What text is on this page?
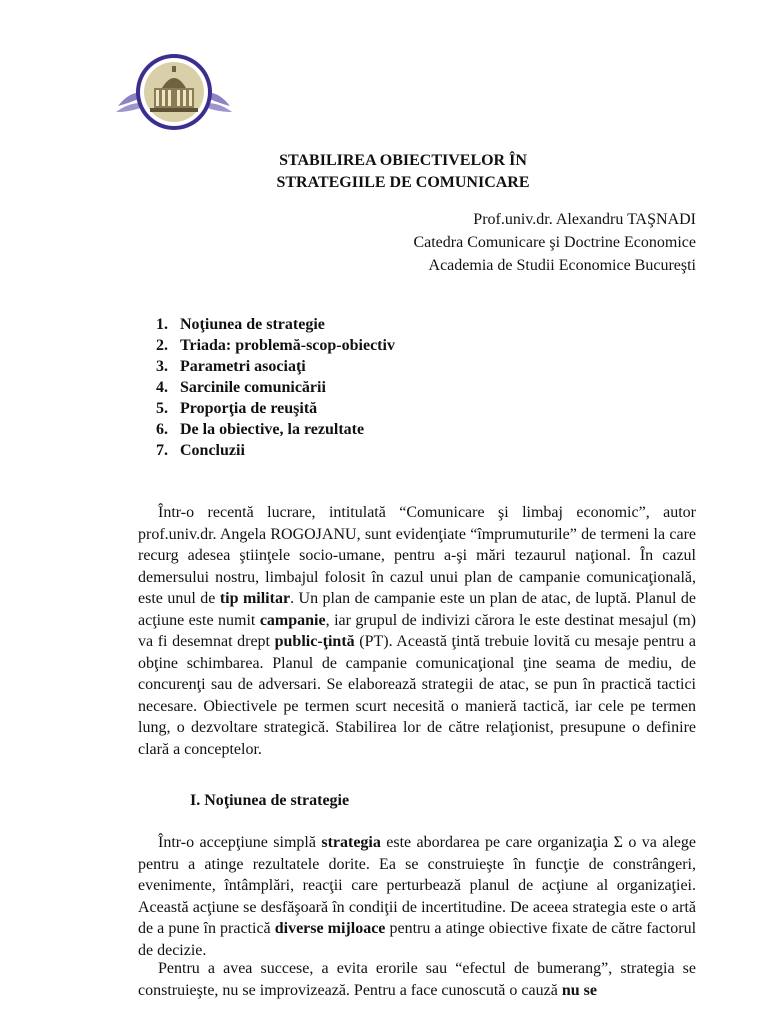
STABILIREA OBIECTIVELOR ÎN
STRATEGIILE DE COMUNICARE
Prof.univ.dr. Alexandru TAŞNADI
Catedra Comunicare şi Doctrine Economice
Academia de Studii Economice Bucureşti
1. Noţiunea de strategie
2. Triada: problemă-scop-obiectiv
3. Parametri asociaţi
4. Sarcinile comunicării
5. Proporţia de reuşită
6. De la obiective, la rezultate
7. Concluzii

Într-o recentă lucrare, intitulată “Comunicare şi limbaj economic”, autor prof.univ.dr. Angela ROGOJANU, sunt evidenţiate “împrumuturile” de termeni la care recurg adesea ştiinţele socio-umane, pentru a-şi mări tezaurul naţional. În cazul demersului nostru, limbajul folosit în cazul unui plan de campanie comunicaţională, este unul de tip militar. Un plan de campanie este un plan de atac, de luptă. Planul de acţiune este numit campanie, iar grupul de indivizi cărora le este destinat mesajul (m) va fi desemnat drept public-ţintă (PT). Această ţintă trebuie lovită cu mesaje pentru a obţine schimbarea. Planul de campanie comunicaţional ţine seama de mediu, de concurenţi sau de adversari. Se elaborează strategii de atac, se pun în practică tactici necesare. Obiectivele pe termen scurt necesită o manieră tactică, iar cele pe termen lung, o dezvoltare strategică. Stabilirea lor de către relaţionist, presupune o definire clară a conceptelor.

I. Noţiunea de strategie

Într-o accepţiune simplă strategia este abordarea pe care organizaţia Σ o va alege pentru a atinge rezultatele dorite. Ea se construieşte în funcţie de constrângeri, evenimente, întâmplări, reacţii care perturbează planul de acţiune al organizaţiei. Această acţiune se desfăşoară în condiţii de incertitudine. De aceea strategia este o artă de a pune în practică diverse mijloace pentru a atinge obiective fixate de către factorul de decizie.

Pentru a avea succese, a evita erorile sau “efectul de bumerang”, strategia se construieşte, nu se improvizează. Pentru a face cunoscută o cauză nu se
